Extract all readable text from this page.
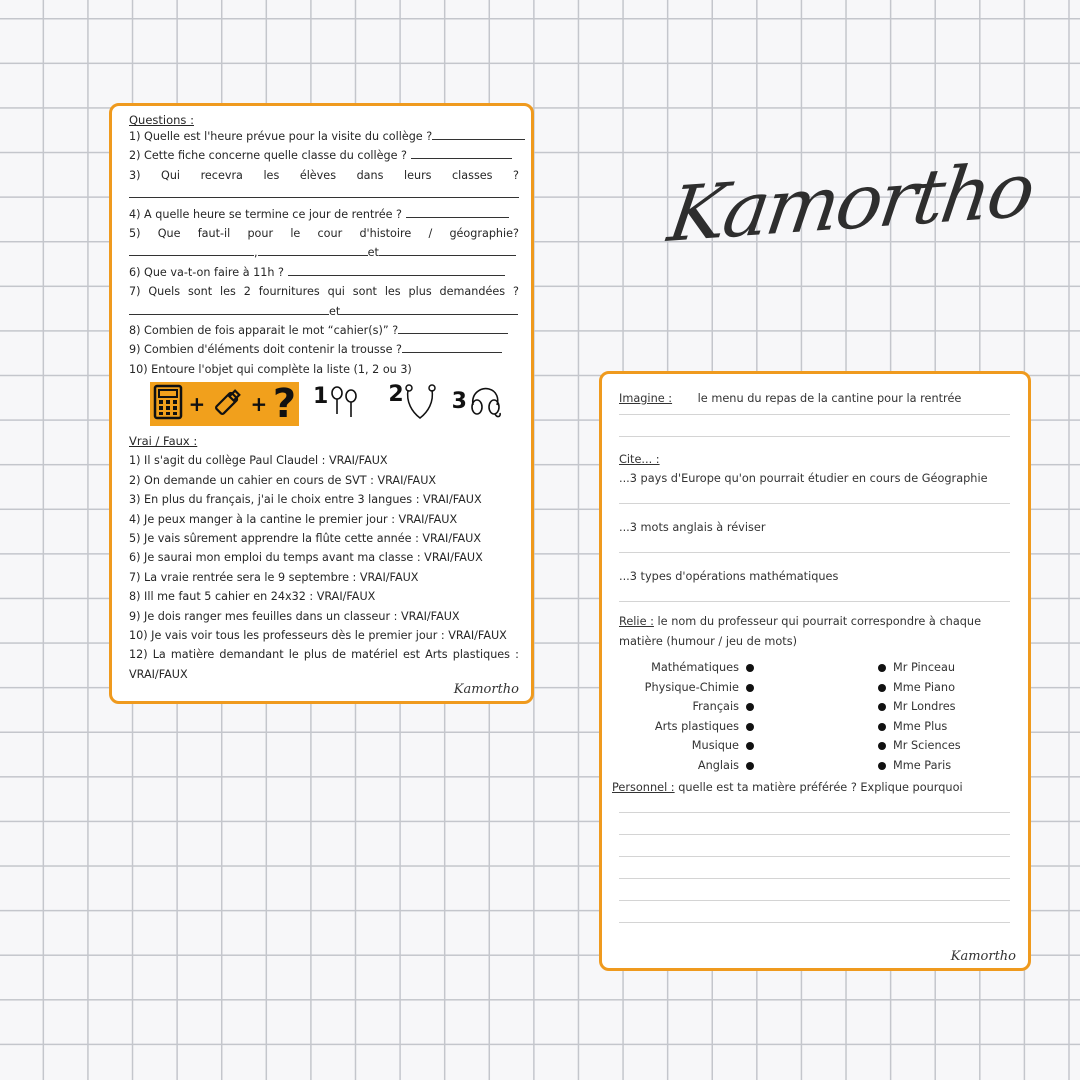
Kamortho
Questions :
1) Quelle est l'heure prévue pour la visite du collège ?
2) Cette fiche concerne quelle classe du collège ?
3) Qui recevra les élèves dans leurs classes ?
4) A quelle heure se termine ce jour de rentrée ?
5) Que faut-il pour le cour d'histoire / géographie?
,	et
6) Que va-t-on faire à 11h ?
7) Quels sont les 2 fournitures qui sont les plus demandées ?
et
8) Combien de fois apparait le mot “cahier(s)” ?
9) Combien d'éléments doit contenir la trousse ?
10) Entoure l'objet qui complète la liste (1, 2 ou 3)
+ + ? 1	2 3
Vrai / Faux :
1) Il s'agit du collège Paul Claudel : VRAI/FAUX
2) On demande un cahier en cours de SVT : VRAI/FAUX
3) En plus du français, j'ai le choix entre 3 langues : VRAI/FAUX
4) Je peux manger à la cantine le premier jour : VRAI/FAUX
5) Je vais sûrement apprendre la flûte cette année : VRAI/FAUX
6) Je saurai mon emploi du temps avant ma classe : VRAI/FAUX
7) La vraie rentrée sera le 9 septembre : VRAI/FAUX
8) Ill me faut 5 cahier en 24x32 : VRAI/FAUX
9) Je dois ranger mes feuilles dans un classeur : VRAI/FAUX
10) Je vais voir tous les professeurs dès le premier jour : VRAI/FAUX
12) La matière demandant le plus de matériel est Arts plastiques :
VRAI/FAUX
Kamortho
Imagine : le menu du repas de la cantine pour la rentrée
Cite... :
...3 pays d'Europe qu'on pourrait étudier en cours de Géographie
...3 mots anglais à réviser
...3 types d'opérations mathématiques
Relie : le nom du professeur qui pourrait correspondre à chaque
matière (humour / jeu de mots)
Mathématiques
Physique-Chimie
Français
Arts plastiques
Musique
Anglais
Mr Pinceau
Mme Piano
Mr Londres
Mme Plus
Mr Sciences
Mme Paris
Personnel : quelle est ta matière préférée ? Explique pourquoi
Kamortho
